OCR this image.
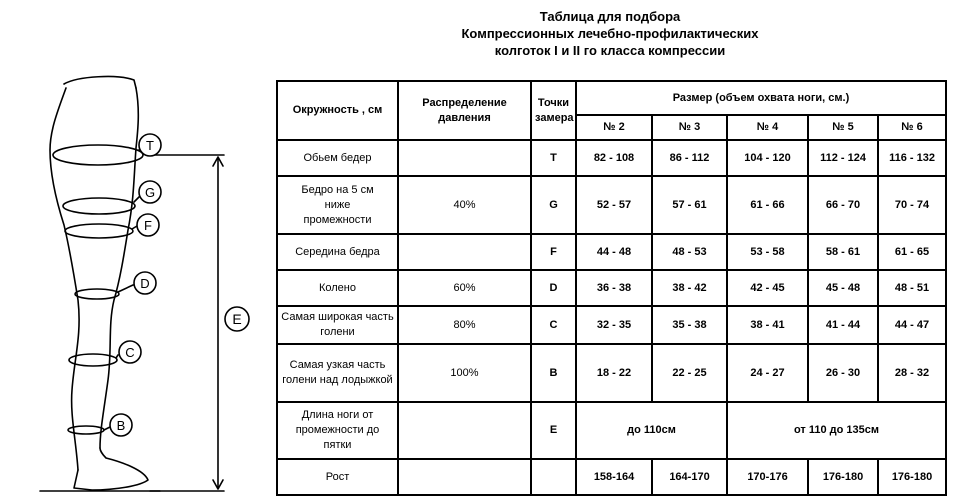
Таблица для подбора
Компрессионных лечебно-профилактических
колготок I и II го класса компрессии
T
G
F
D
E
C
B
Окружность , см	Распределение давления	Точки замера	Размер (объем охвата ноги, см.)				
			№ 2	№ 3	№ 4	№ 5	№ 6
Обьем бедер		T	82 - 108	86 - 112	104 - 120	112 - 124	116 - 132
Бедро на 5 см ниже промежности	40%	G	52 - 57	57 - 61	61 - 66	66 - 70	70 - 74
Середина бедра		F	44 - 48	48 - 53	53 - 58	58 - 61	61 - 65
Колено	60%	D	36 - 38	38 - 42	42 - 45	45 - 48	48 - 51
Самая широкая часть голени	80%	C	32 - 35	35 - 38	38 - 41	41 - 44	44 - 47
Самая узкая часть голени над лодыжкой	100%	B	18 - 22	22 - 25	24 - 27	26 - 30	28 - 32
Длина ноги от промежности до пятки		E	до 110см		от 110 до 135см		
Рост			158-164	164-170	170-176	176-180	176-180
